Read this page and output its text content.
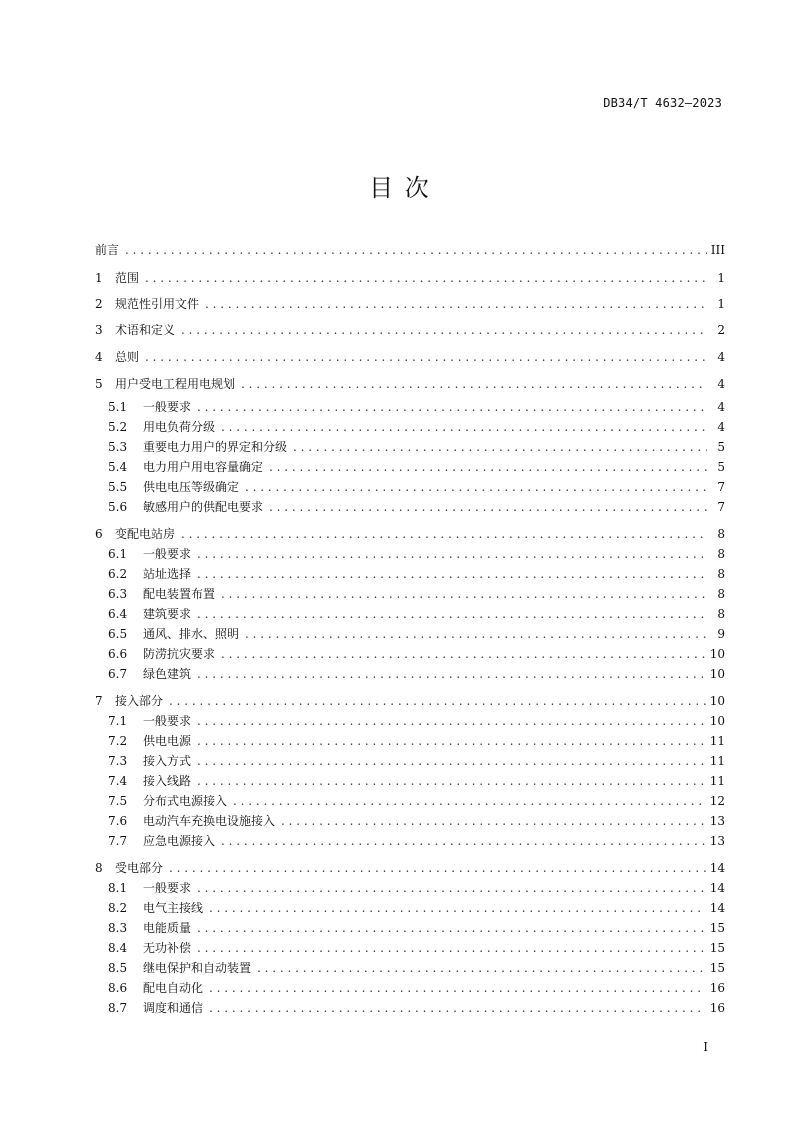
DB34/T 4632—2023
目 次
前言 . . .	III
1	范围 . . .	1
2	规范性引用文件 . . .	1
3	术语和定义 . . .	2
4	总则 . . .	4
5	用户受电工程用电规划 . . .	4
5.1	一般要求 . . .	4
5.2	用电负荷分级 . . .	4
5.3	重要电力用户的界定和分级 . . .	5
5.4	电力用户用电容量确定 . . .	5
5.5	供电电压等级确定 . . .	7
5.6	敏感用户的供配电要求 . . .	7
6	变配电站房 . . .	8
6.1	一般要求 . . .	8
6.2	站址选择 . . .	8
6.3	配电装置布置 . . .	8
6.4	建筑要求 . . .	8
6.5	通风、排水、照明 . . .	9
6.6	防涝抗灾要求 . . .	10
6.7	绿色建筑 . . .	10
7	接入部分 . . .	10
7.1	一般要求 . . .	10
7.2	供电电源 . . .	11
7.3	接入方式 . . .	11
7.4	接入线路 . . .	11
7.5	分布式电源接入 . . .	12
7.6	电动汽车充换电设施接入 . . .	13
7.7	应急电源接入 . . .	13
8	受电部分 . . .	14
8.1	一般要求 . . .	14
8.2	电气主接线 . . .	14
8.3	电能质量 . . .	15
8.4	无功补偿 . . .	15
8.5	继电保护和自动装置 . . .	15
8.6	配电自动化 . . .	16
8.7	调度和通信 . . .	16
I
